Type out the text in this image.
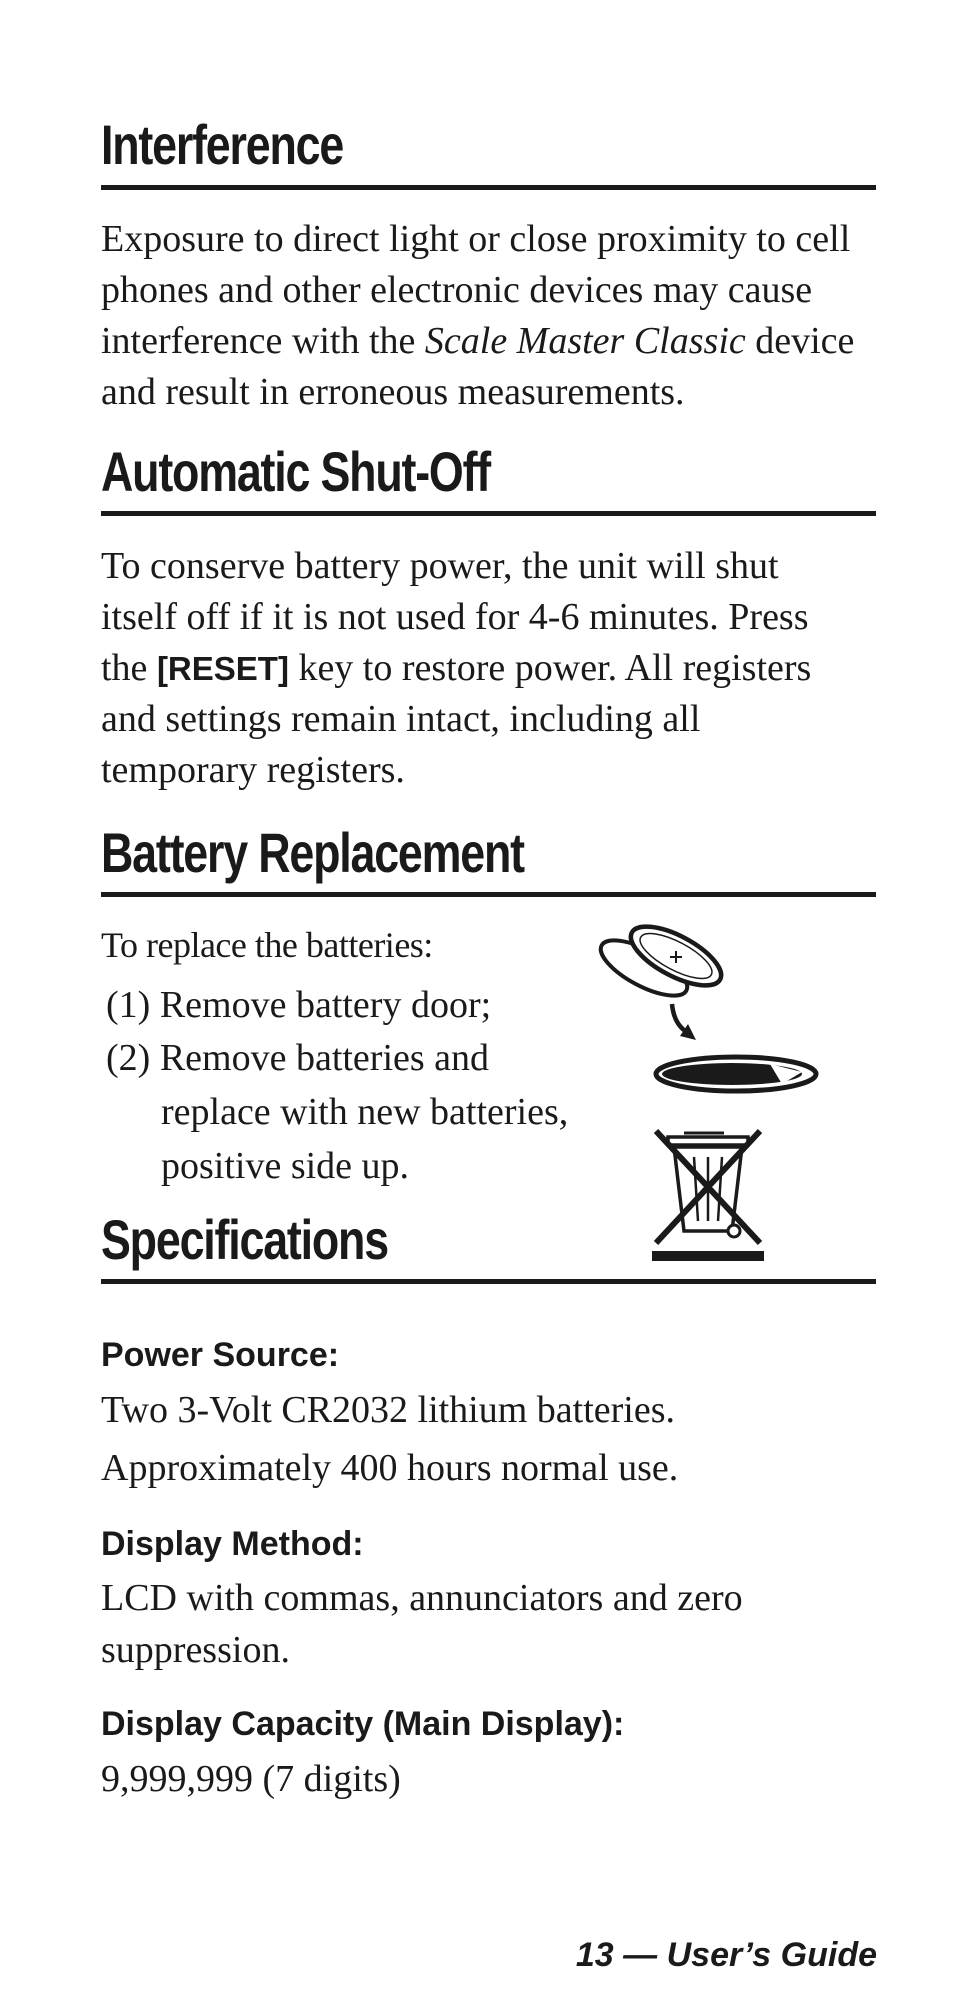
Interference

Exposure to direct light or close proximity to cell
phones and other electronic devices may cause
interference with the Scale Master Classic device
and result in erroneous measurements.

Automatic Shut-Off

To conserve battery power, the unit will shut
itself off if it is not used for 4-6 minutes. Press
the [RESET] key to restore power. All registers
and settings remain intact, including all
temporary registers.

Battery Replacement
To replace the batteries:
(1) Remove battery door;
(2) Remove batteries and
replace with new batteries,
positive side up.
Specifications
Power Source:
Two 3-Volt CR2032 lithium batteries.
Approximately 400 hours normal use.
Display Method:
LCD with commas, annunciators and zero
suppression.
Display Capacity (Main Display):
9,999,999 (7 digits)
13 — User’s Guide
